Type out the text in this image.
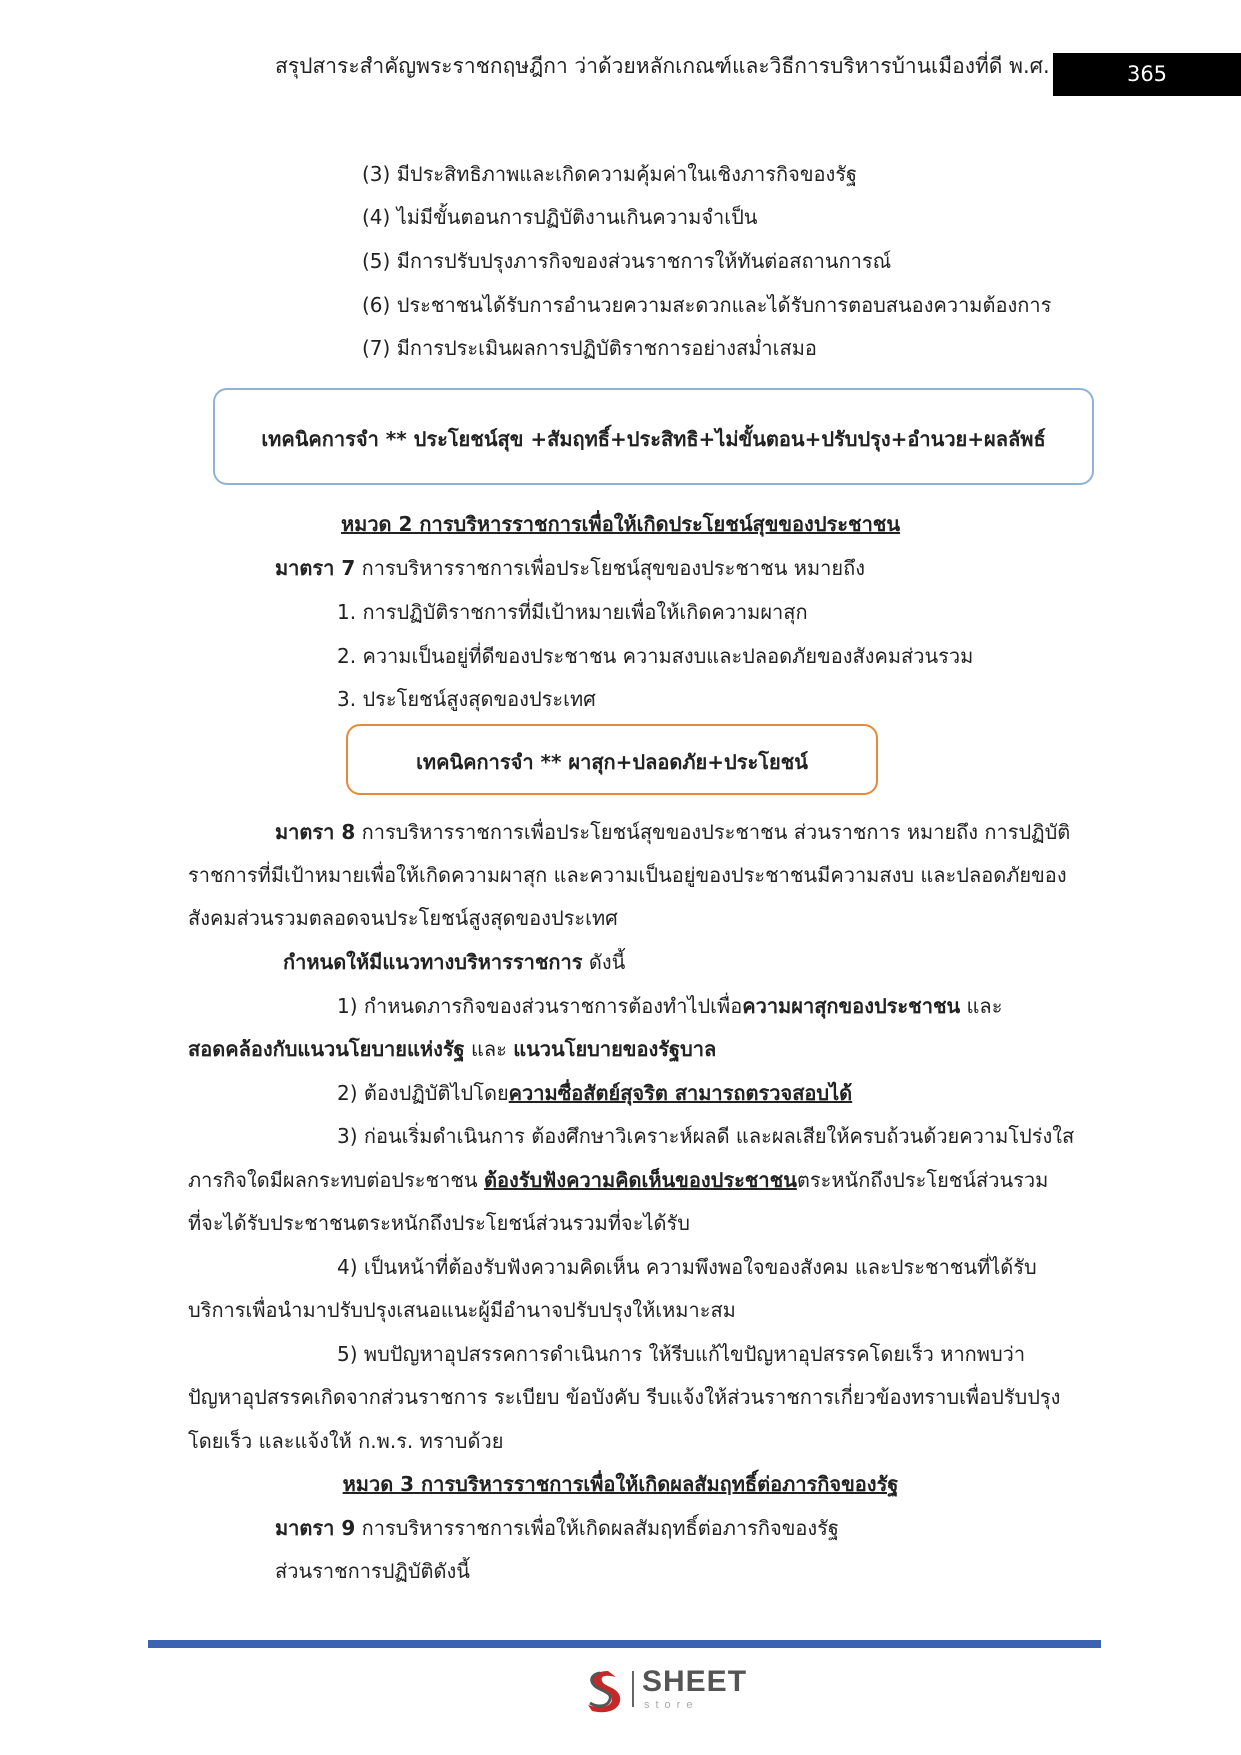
สรุปสาระสำคัญพระราชกฤษฎีกา ว่าด้วยหลักเกณฑ์และวิธีการบริหารบ้านเมืองที่ดี พ.ศ.	365
(3) มีประสิทธิภาพและเกิดความคุ้มค่าในเชิงภารกิจของรัฐ
(4) ไม่มีขั้นตอนการปฏิบัติงานเกินความจำเป็น
(5) มีการปรับปรุงภารกิจของส่วนราชการให้ทันต่อสถานการณ์
(6) ประชาชนได้รับการอำนวยความสะดวกและได้รับการตอบสนองความต้องการ
(7) มีการประเมินผลการปฏิบัติราชการอย่างสม่ำเสมอ
เทคนิคการจำ ** ประโยชน์สุข +สัมฤทธิ์+ประสิทธิ+ไม่ขั้นตอน+ปรับปรุง+อำนวย+ผลลัพธ์
หมวด 2 การบริหารราชการเพื่อให้เกิดประโยชน์สุขของประชาชน
มาตรา 7 การบริหารราชการเพื่อประโยชน์สุขของประชาชน หมายถึง
1. การปฏิบัติราชการที่มีเป้าหมายเพื่อให้เกิดความผาสุก
2. ความเป็นอยู่ที่ดีของประชาชน ความสงบและปลอดภัยของสังคมส่วนรวม
3. ประโยชน์สูงสุดของประเทศ
เทคนิคการจำ ** ผาสุก+ปลอดภัย+ประโยชน์
มาตรา 8 การบริหารราชการเพื่อประโยชน์สุขของประชาชน ส่วนราชการ หมายถึง การปฏิบัติ
ราชการที่มีเป้าหมายเพื่อให้เกิดความผาสุก และความเป็นอยู่ของประชาชนมีความสงบ และปลอดภัยของ
สังคมส่วนรวมตลอดจนประโยชน์สูงสุดของประเทศ
กำหนดให้มีแนวทางบริหารราชการ ดังนี้
1) กำหนดภารกิจของส่วนราชการต้องทำไปเพื่อความผาสุกของประชาชน และ
สอดคล้องกับแนวนโยบายแห่งรัฐ และ แนวนโยบายของรัฐบาล
2) ต้องปฏิบัติไปโดยความซื่อสัตย์สุจริต สามารถตรวจสอบได้
3) ก่อนเริ่มดำเนินการ ต้องศึกษาวิเคราะห์ผลดี และผลเสียให้ครบถ้วนด้วยความโปร่งใส
ภารกิจใดมีผลกระทบต่อประชาชน ต้องรับฟังความคิดเห็นของประชาชนตระหนักถึงประโยชน์ส่วนรวม
ที่จะได้รับประชาชนตระหนักถึงประโยชน์ส่วนรวมที่จะได้รับ
4) เป็นหน้าที่ต้องรับฟังความคิดเห็น ความพึงพอใจของสังคม และประชาชนที่ได้รับ
บริการเพื่อนำมาปรับปรุงเสนอแนะผู้มีอำนาจปรับปรุงให้เหมาะสม
5) พบปัญหาอุปสรรคการดำเนินการ ให้รีบแก้ไขปัญหาอุปสรรคโดยเร็ว หากพบว่า
ปัญหาอุปสรรคเกิดจากส่วนราชการ ระเบียบ ข้อบังคับ รีบแจ้งให้ส่วนราชการเกี่ยวข้องทราบเพื่อปรับปรุง
โดยเร็ว และแจ้งให้ ก.พ.ร. ทราบด้วย
หมวด 3 การบริหารราชการเพื่อให้เกิดผลสัมฤทธิ์ต่อภารกิจของรัฐ
มาตรา 9 การบริหารราชการเพื่อให้เกิดผลสัมฤทธิ์ต่อภารกิจของรัฐ
ส่วนราชการปฏิบัติดังนี้
SHEET
store
